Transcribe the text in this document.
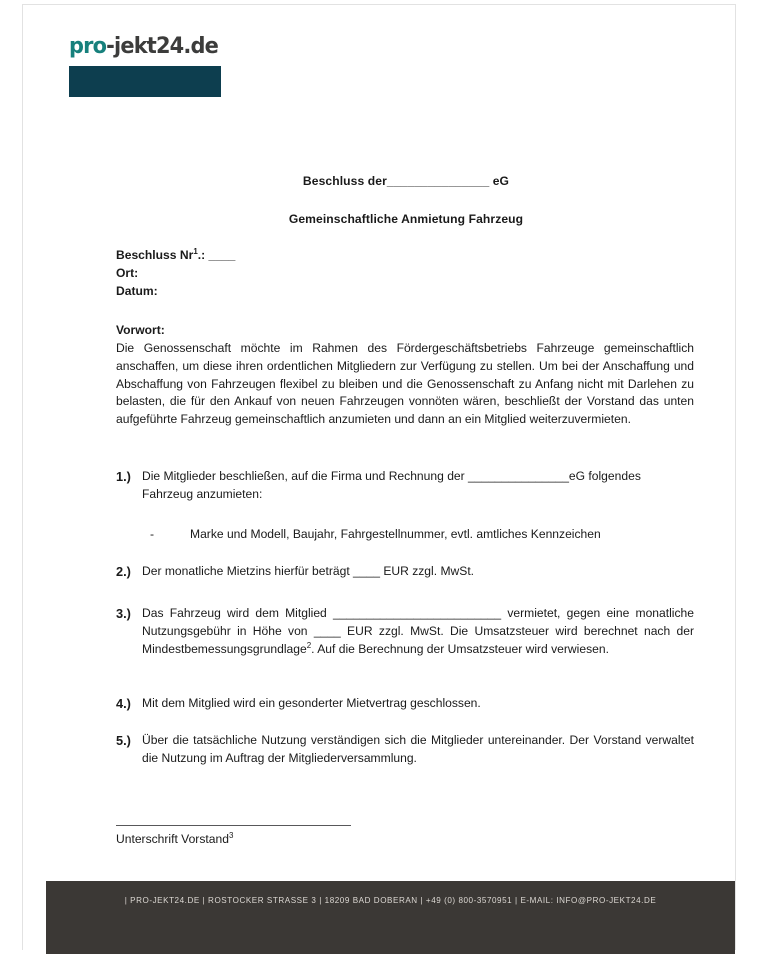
pro-jekt24.de
Beschluss der_______________ eG
Gemeinschaftliche Anmietung Fahrzeug
Beschluss Nr$^1$.: ____
Ort:
Datum:
Vorwort:
Die Genossenschaft möchte im Rahmen des Fördergeschäftsbetriebs Fahrzeuge gemeinschaftlich anschaffen, um diese ihren ordentlichen Mitgliedern zur Verfügung zu stellen. Um bei der Anschaffung und Abschaffung von Fahrzeugen flexibel zu bleiben und die Genossenschaft zu Anfang nicht mit Darlehen zu belasten, die für den Ankauf von neuen Fahrzeugen vonnöten wären, beschließt der Vorstand das unten aufgeführte Fahrzeug gemeinschaftlich anzumieten und dann an ein Mitglied weiterzuvermieten.
1.) Die Mitglieder beschließen, auf die Firma und Rechnung der _______________eG folgendes Fahrzeug anzumieten:
-	Marke und Modell, Baujahr, Fahrgestellnummer, evtl. amtliches Kennzeichen
2.) Der monatliche Mietzins hierfür beträgt ____ EUR zzgl. MwSt.
3.) Das Fahrzeug wird dem Mitglied _________________________ vermietet, gegen eine monatliche Nutzungsgebühr in Höhe von ____ EUR zzgl. MwSt. Die Umsatzsteuer wird berechnet nach der Mindestbemessungsgrundlage$^2$. Auf die Berechnung der Umsatzsteuer wird verwiesen.
4.) Mit dem Mitglied wird ein gesonderter Mietvertrag geschlossen.
5.) Über die tatsächliche Nutzung verständigen sich die Mitglieder untereinander. Der Vorstand verwaltet die Nutzung im Auftrag der Mitgliederversammlung.
Unterschrift Vorstand$^3$
| PRO-JEKT24.DE | ROSTOCKER STRASSE 3 | 18209 BAD DOBERAN | +49 (0) 800-3570951 | E-MAIL: INFO@PRO-JEKT24.DE
